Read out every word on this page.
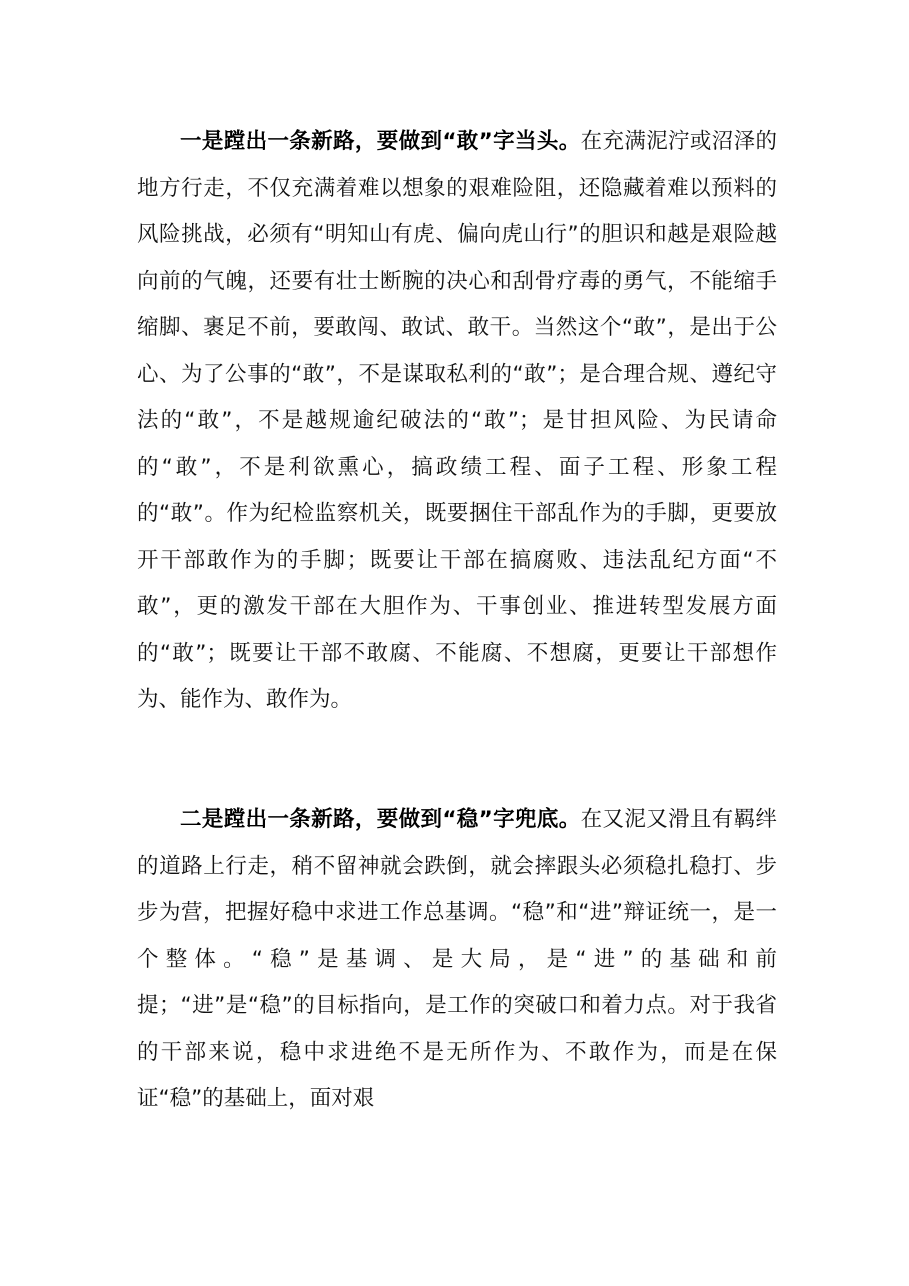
一是蹚出一条新路，要做到“敢”字当头。在充满泥泞或沼泽的地方行走，不仅充满着难以想象的艰难险阻，还隐藏着难以预料的风险挑战，必须有“明知山有虎、偏向虎山行”的胆识和越是艰险越向前的气魄，还要有壮士断腕的决心和刮骨疗毒的勇气，不能缩手缩脚、裹足不前，要敢闯、敢试、敢干。当然这个“敢”，是出于公心、为了公事的“敢”，不是谋取私利的“敢”；是合理合规、遵纪守法的“敢”，不是越规逾纪破法的“敢”；是甘担风险、为民请命的“敢”，不是利欲熏心，搞政绩工程、面子工程、形象工程的“敢”。作为纪检监察机关，既要捆住干部乱作为的手脚，更要放开干部敢作为的手脚；既要让干部在搞腐败、违法乱纪方面“不敢”，更的激发干部在大胆作为、干事创业、推进转型发展方面的“敢”；既要让干部不敢腐、不能腐、不想腐，更要让干部想作为、能作为、敢作为。

二是蹚出一条新路，要做到“稳”字兜底。在又泥又滑且有羁绊的道路上行走，稍不留神就会跌倒，就会摔跟头必须稳扎稳打、步步为营，把握好稳中求进工作总基调。“稳”和“进”辩证统一，是一个整体。“稳”是基调、是大局，是“进”的基础和前提；“进”是“稳”的目标指向，是工作的突破口和着力点。对于我省的干部来说，稳中求进绝不是无所作为、不敢作为，而是在保证“稳”的基础上，面对艰
